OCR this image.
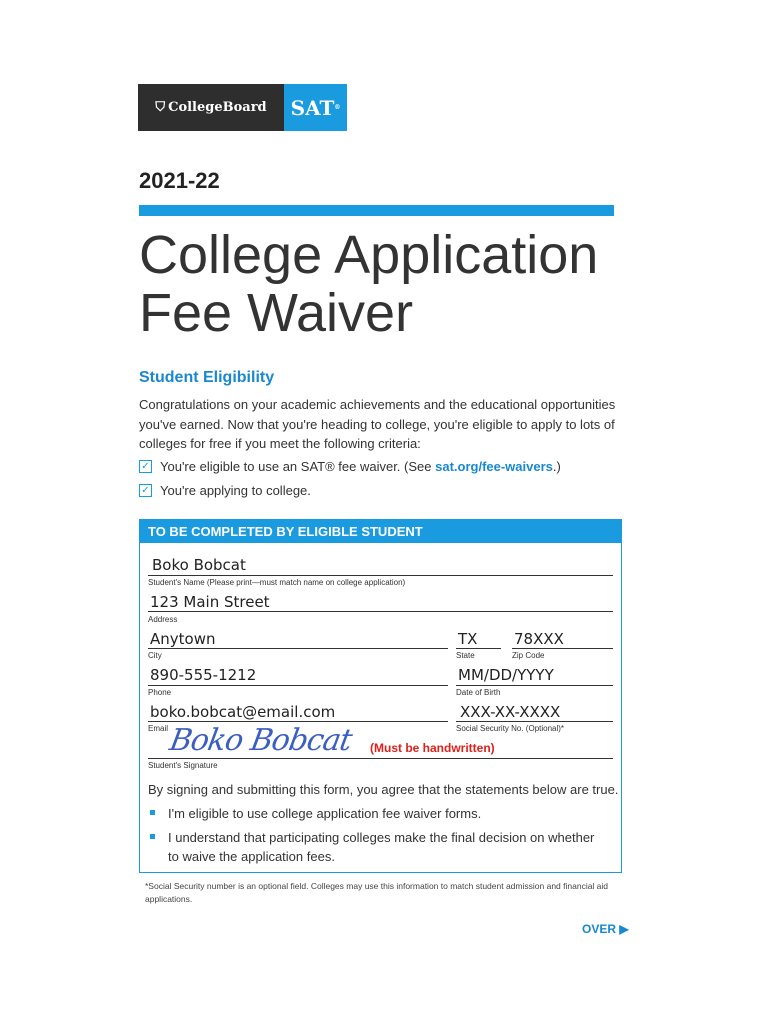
⛉ CollegeBoard SAT ®
2021-22
College Application
Fee Waiver
Student Eligibility
Congratulations on your academic achievements and the educational opportunities you've earned. Now that you're heading to college, you're eligible to apply to lots of colleges for free if you meet the following criteria:
✓ You're eligible to use an SAT® fee waiver. (See sat.org/fee-waivers.)
✓ You're applying to college.
TO BE COMPLETED BY ELIGIBLE STUDENT
Boko Bobcat
Student's Name (Please print—must match name on college application)
123 Main Street
Address
Anytown
City
TX
State
78XXX
Zip Code
890-555-1212
Phone
MM/DD/YYYY
Date of Birth
boko.bobcat@email.com
Email
XXX-XX-XXXX
Social Security No. (Optional)*
Boko Bobcat (Must be handwritten)
Student's Signature
By signing and submitting this form, you agree that the statements below are true.
I'm eligible to use college application fee waiver forms.
I understand that participating colleges make the final decision on whether to waive the application fees.
*Social Security number is an optional field. Colleges may use this information to match student admission and financial aid applications.
OVER ▶
